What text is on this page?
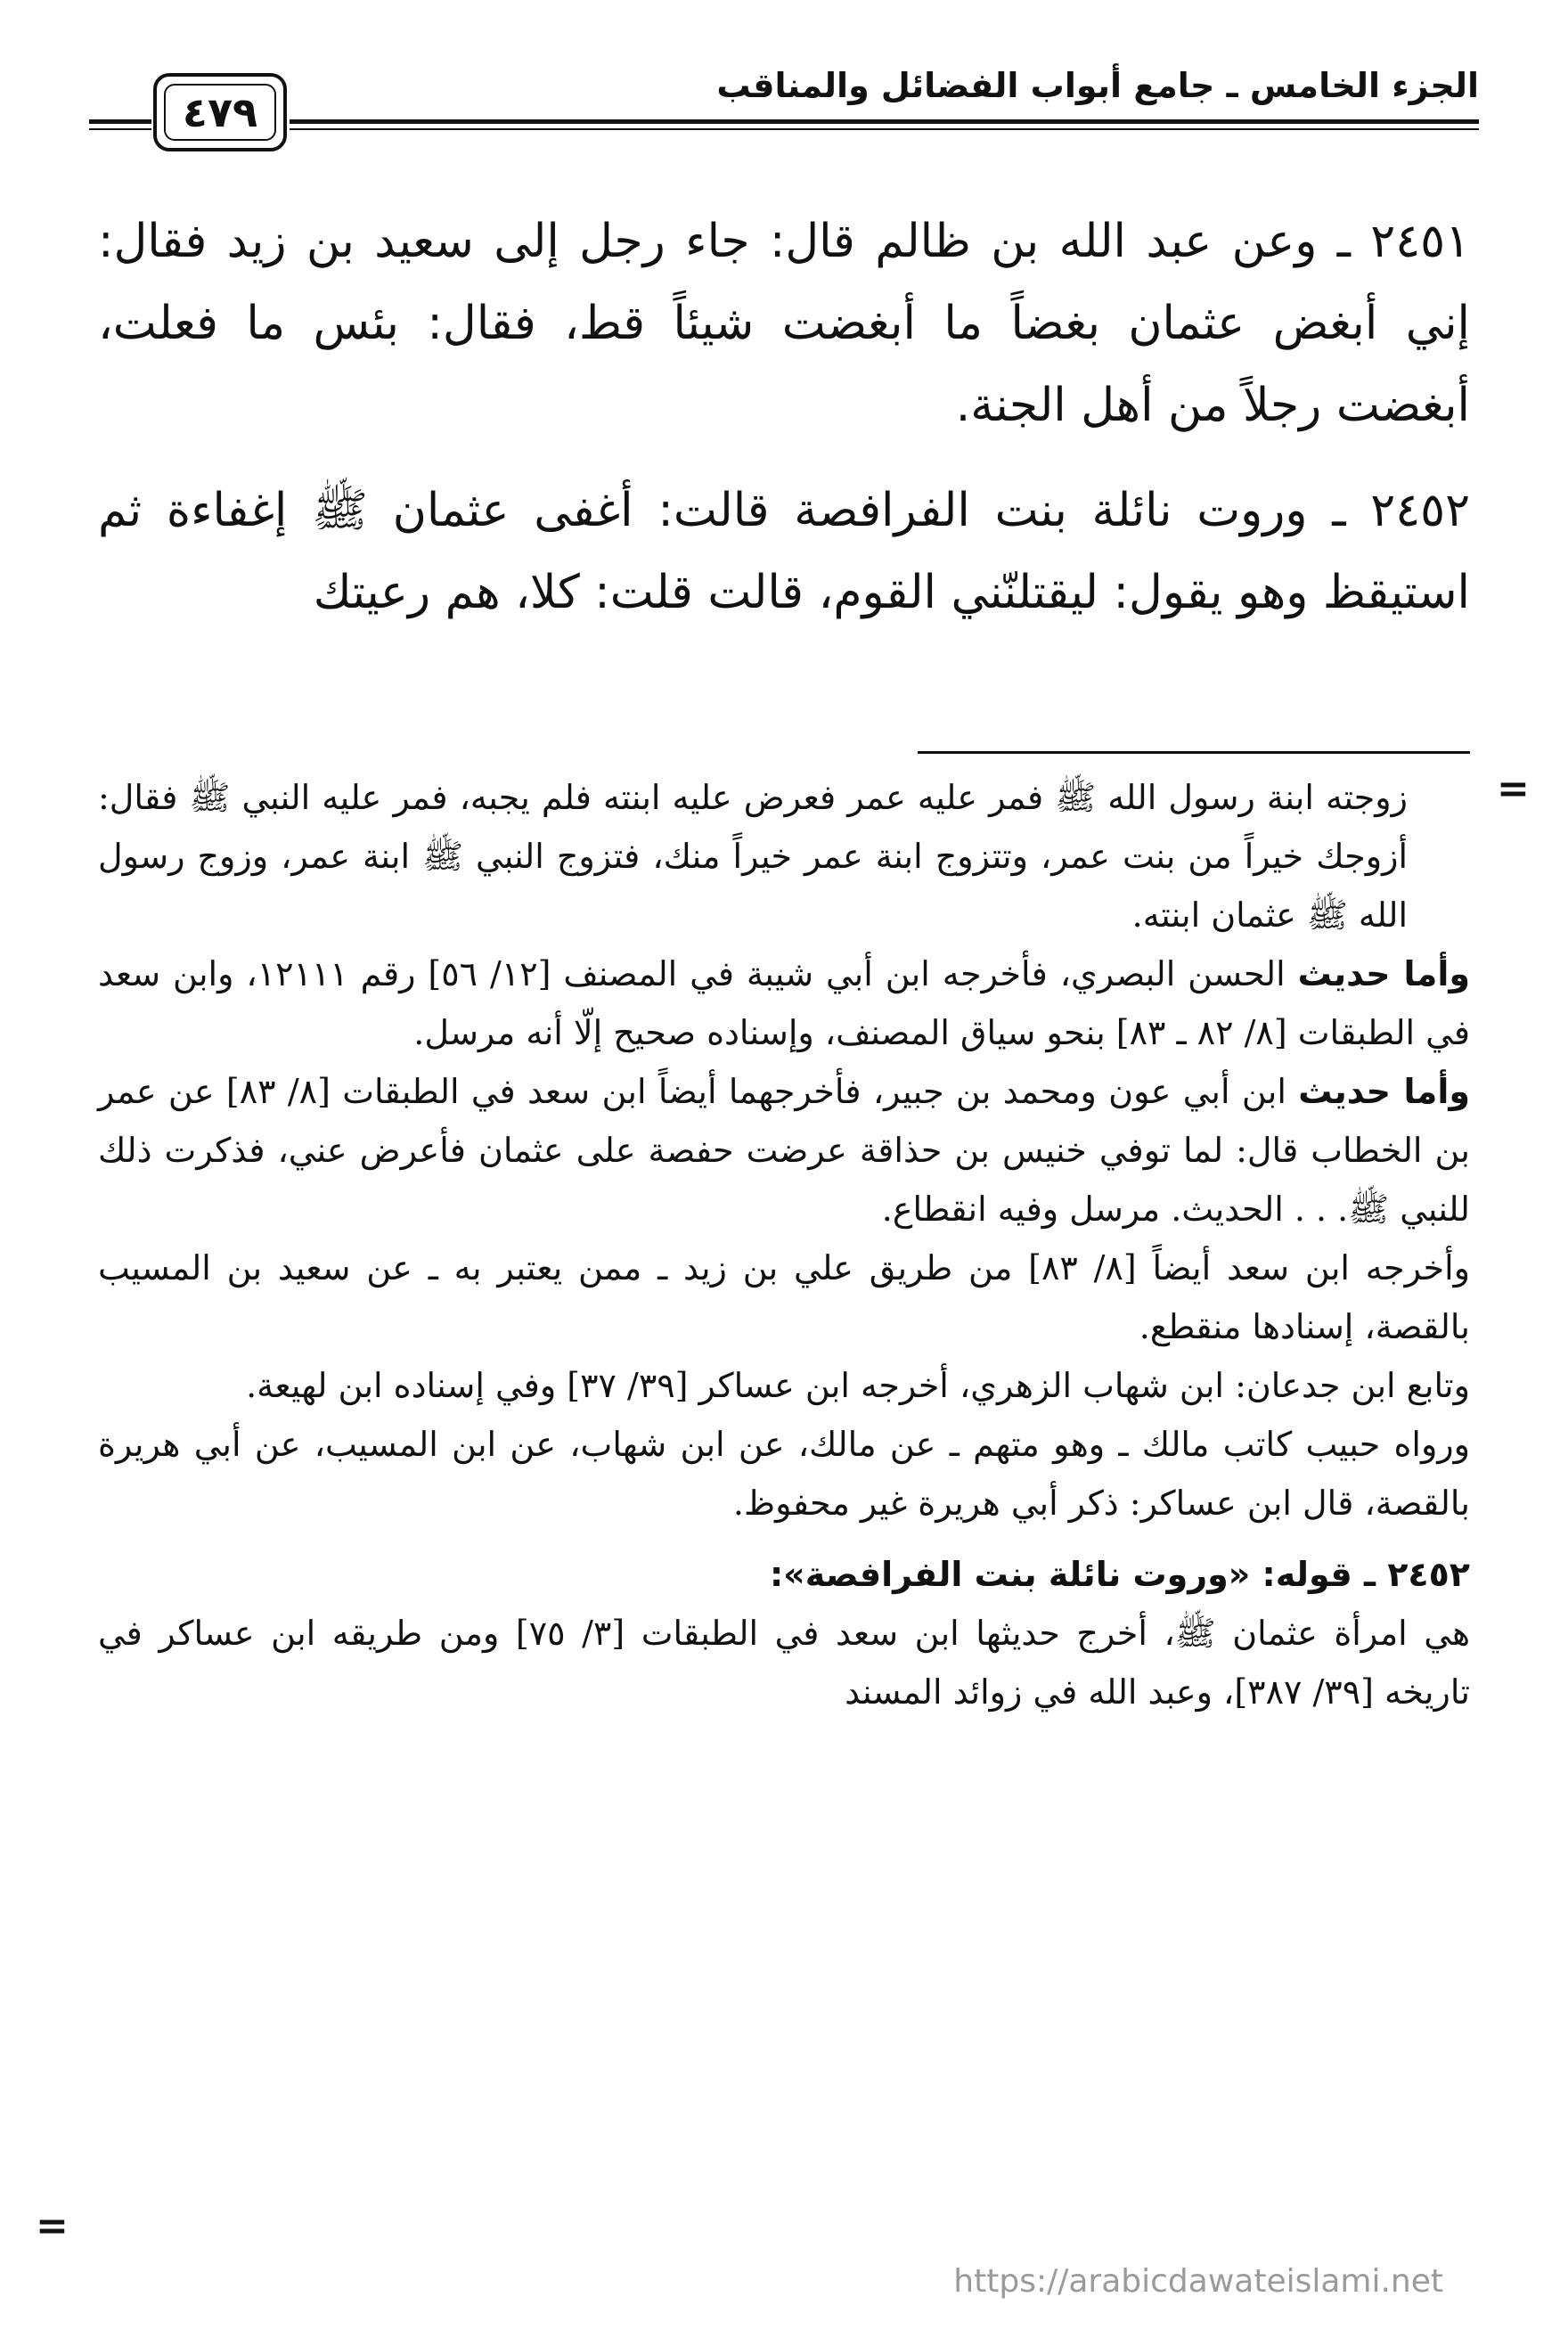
الجزء الخامس ـ جامع أبواب الفضائل والمناقب
٤٧٩

٢٤٥١ ـ وعن عبد الله بن ظالم قال: جاء رجل إلى سعيد بن زيد فقال: إني أبغض عثمان بغضاً ما أبغضت شيئاً قط، فقال: بئس ما فعلت، أبغضت رجلاً من أهل الجنة.

٢٤٥٢ ـ وروت نائلة بنت الفرافصة قالت: أغفى عثمان ﷺ إغفاءة ثم استيقظ وهو يقول: ليقتلنّني القوم، قالت قلت: كلا، هم رعيتك

=

زوجته ابنة رسول الله ﷺ فمر عليه عمر فعرض عليه ابنته فلم يجبه، فمر عليه النبي ﷺ فقال: أزوجك خيراً من بنت عمر، وتتزوج ابنة عمر خيراً منك، فتزوج النبي ﷺ ابنة عمر، وزوج رسول الله ﷺ عثمان ابنته.

وأما حديث الحسن البصري، فأخرجه ابن أبي شيبة في المصنف [١٢/ ٥٦] رقم ١٢١١١، وابن سعد في الطبقات [٨/ ٨٢ ـ ٨٣] بنحو سياق المصنف، وإسناده صحيح إلّا أنه مرسل.

وأما حديث ابن أبي عون ومحمد بن جبير، فأخرجهما أيضاً ابن سعد في الطبقات [٨/ ٨٣] عن عمر بن الخطاب قال: لما توفي خنيس بن حذاقة عرضت حفصة على عثمان فأعرض عني، فذكرت ذلك للنبي ﷺ. . . الحديث. مرسل وفيه انقطاع.

وأخرجه ابن سعد أيضاً [٨/ ٨٣] من طريق علي بن زيد ـ ممن يعتبر به ـ عن سعيد بن المسيب بالقصة، إسنادها منقطع.

وتابع ابن جدعان: ابن شهاب الزهري، أخرجه ابن عساكر [٣٩/ ٣٧] وفي إسناده ابن لهيعة.

ورواه حبيب كاتب مالك ـ وهو متهم ـ عن مالك، عن ابن شهاب، عن ابن المسيب، عن أبي هريرة بالقصة، قال ابن عساكر: ذكر أبي هريرة غير محفوظ.

٢٤٥٢ ـ قوله: «وروت نائلة بنت الفرافصة»:

هي امرأة عثمان ﷺ، أخرج حديثها ابن سعد في الطبقات [٣/ ٧٥] ومن طريقه ابن عساكر في تاريخه [٣٩/ ٣٨٧]، وعبد الله في زوائد المسند

=
https://arabicdawateislami.net
